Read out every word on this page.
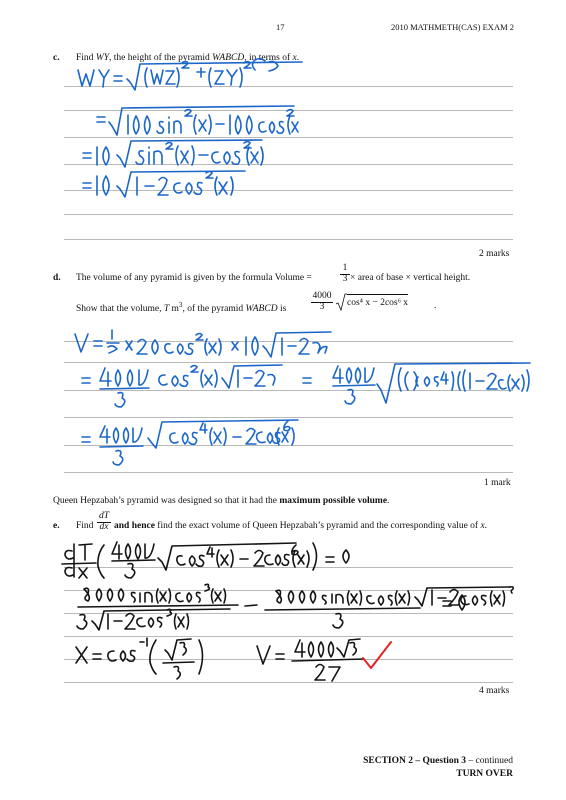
17	2010 MATHMETH(CAS) EXAM 2
c. Find WY, the height of the pyramid WABCD, in terms of x.
2 marks
d. The volume of any pyramid is given by the formula Volume =	$\frac{1}{3}$ × area of base × vertical height.
Show that the volume, T $m^3$, of the pyramid WABCD is	$\frac{4000}{3} \cos^4$ x − 2cos⁶ x	.
1 mark
Queen Hepzabah’s pyramid was designed so that it had the maximum possible volume.
e. Find $\frac{dT}{dx}$ and hence find the exact volume of Queen Hepzabah’s pyramid and the corresponding value of x.
4 marks
SECTION 2 – Question 3 – continued
TURN OVER
